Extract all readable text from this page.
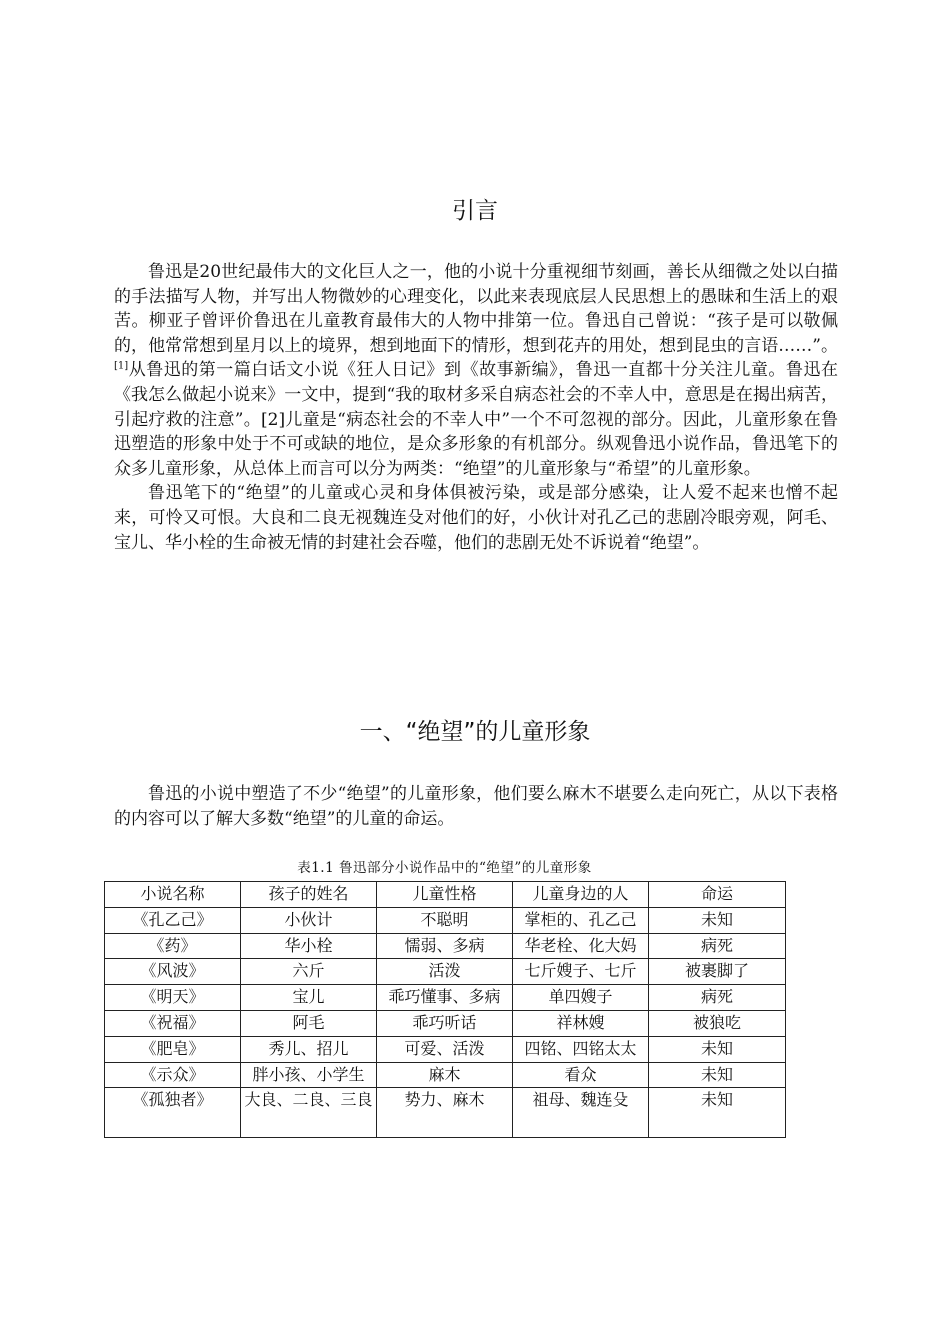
引言

鲁迅是20世纪最伟大的文化巨人之一，他的小说十分重视细节刻画，善长从细微之处以白描的手法描写人物，并写出人物微妙的心理变化，以此来表现底层人民思想上的愚昧和生活上的艰苦。柳亚子曾评价鲁迅在儿童教育最伟大的人物中排第一位。鲁迅自己曾说：“孩子是可以敬佩的，他常常想到星月以上的境界，想到地面下的情形，想到花卉的用处，想到昆虫的言语……”。[1]从鲁迅的第一篇白话文小说《狂人日记》到《故事新编》，鲁迅一直都十分关注儿童。鲁迅在《我怎么做起小说来》一文中，提到“我的取材多采自病态社会的不幸人中，意思是在揭出病苦，引起疗救的注意”。[2]儿童是“病态社会的不幸人中”一个不可忽视的部分。因此，儿童形象在鲁迅塑造的形象中处于不可或缺的地位，是众多形象的有机部分。纵观鲁迅小说作品，鲁迅笔下的众多儿童形象，从总体上而言可以分为两类：“绝望”的儿童形象与“希望”的儿童形象。

鲁迅笔下的“绝望”的儿童或心灵和身体俱被污染，或是部分感染，让人爱不起来也憎不起来，可怜又可恨。大良和二良无视魏连殳对他们的好，小伙计对孔乙己的悲剧冷眼旁观，阿毛、宝儿、华小栓的生命被无情的封建社会吞噬，他们的悲剧无处不诉说着“绝望”。

一、“绝望”的儿童形象

鲁迅的小说中塑造了不少“绝望”的儿童形象，他们要么麻木不堪要么走向死亡，从以下表格的内容可以了解大多数“绝望”的儿童的命运。

表1.1 鲁迅部分小说作品中的“绝望”的儿童形象
小说名称	孩子的姓名	儿童性格	儿童身边的人	命运
《孔乙己》	小伙计	不聪明	掌柜的、孔乙己	未知
《药》	华小栓	懦弱、多病	华老栓、化大妈	病死
《风波》	六斤	活泼	七斤嫂子、七斤	被裹脚了
《明天》	宝儿	乖巧懂事、多病	单四嫂子	病死
《祝福》	阿毛	乖巧听话	祥林嫂	被狼吃
《肥皂》	秀儿、招儿	可爱、活泼	四铭、四铭太太	未知
《示众》	胖小孩、小学生	麻木	看众	未知
《孤独者》	大良、二良、三良	势力、麻木	祖母、魏连殳	未知
